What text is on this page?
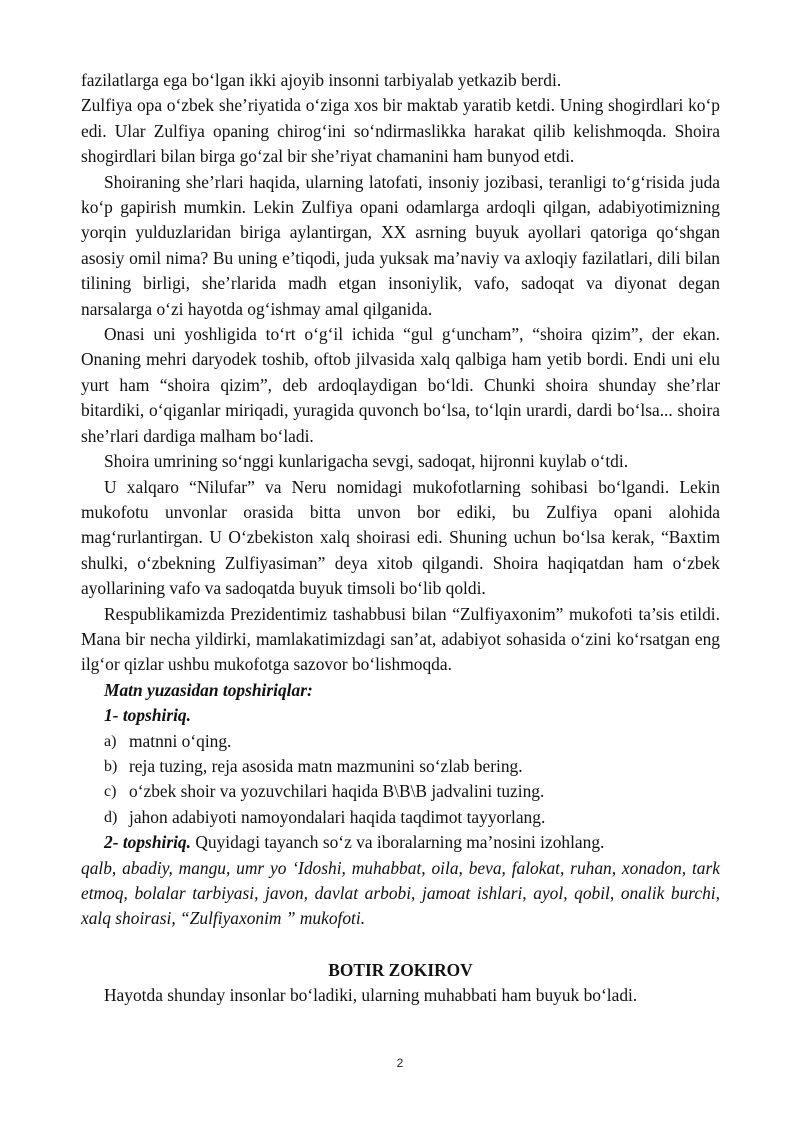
fazilatlarga ega bo‘lgan ikki ajoyib insonni tarbiyalab yetkazib berdi.

Zulfiya opa o‘zbek she’riyatida o‘ziga xos bir maktab yaratib ketdi. Uning shogirdlari ko‘p edi. Ular Zulfiya opaning chirog‘ini so‘ndirmaslikka harakat qilib kelishmoqda. Shoira shogirdlari bilan birga go‘zal bir she’riyat chamanini ham bunyod etdi.

Shoiraning she’rlari haqida, ularning latofati, insoniy jozibasi, teranligi to‘g‘risida juda ko‘p gapirish mumkin. Lekin Zulfiya opani odamlarga ardoqli qilgan, adabiyotimizning yorqin yulduzlaridan biriga aylantirgan, XX asrning buyuk ayollari qatoriga qo‘shgan asosiy omil nima? Bu uning e’tiqodi, juda yuksak ma’naviy va axloqiy fazilatlari, dili bilan tilining birligi, she’rlarida madh etgan insoniylik, vafo, sadoqat va diyonat degan narsalarga o‘zi hayotda og‘ishmay amal qilganida.

Onasi uni yoshligida to‘rt o‘g‘il ichida “gul g‘uncham”, “shoira qizim”, der ekan. Onaning mehri daryodek toshib, oftob jilvasida xalq qalbiga ham yetib bordi. Endi uni elu yurt ham “shoira qizim”, deb ardoqlaydigan bo‘ldi. Chunki shoira shunday she’rlar bitardiki, o‘qiganlar miriqadi, yuragida quvonch bo‘lsa, to‘lqin urardi, dardi bo‘lsa... shoira she’rlari dardiga malham bo‘ladi.

Shoira umrining so‘nggi kunlarigacha sevgi, sadoqat, hijronni kuylab o‘tdi.

U xalqaro “Nilufar” va Neru nomidagi mukofotlarning sohibasi bo‘lgandi. Lekin mukofotu unvonlar orasida bitta unvon bor ediki, bu Zulfiya opani alohida mag‘rurlantirgan. U O‘zbekiston xalq shoirasi edi. Shuning uchun bo‘lsa kerak, “Baxtim shulki, o‘zbekning Zulfiyasiman” deya xitob qilgandi. Shoira haqiqatdan ham o‘zbek ayollarining vafo va sadoqatda buyuk timsoli bo‘lib qoldi.

Respublikamizda Prezidentimiz tashabbusi bilan “Zulfiyaxonim” mukofoti ta’sis etildi. Mana bir necha yildirki, mamlakatimizdagi san’at, adabiyot sohasida o‘zini ko‘rsatgan eng ilg‘or qizlar ushbu mukofotga sazovor bo‘lishmoqda.

Matn yuzasidan topshiriqlar:

1- topshiriq.

a) matnni o‘qing.
b) reja tuzing, reja asosida matn mazmunini so‘zlab bering.
c) o‘zbek shoir va yozuvchilari haqida B\B\B jadvalini tuzing.
d) jahon adabiyoti namoyondalari haqida taqdimot tayyorlang.

2- topshiriq. Quyidagi tayanch so‘z va iboralarning ma’nosini izohlang.

qalb, abadiy, mangu, umr yo ‘Idoshi, muhabbat, oila, beva, falokat, ruhan, xonadon, tark etmoq, bolalar tarbiyasi, javon, davlat arbobi, jamoat ishlari, ayol, qobil, onalik burchi, xalq shoirasi, “Zulfiyaxonim ” mukofoti.

BOTIR ZOKIROV

Hayotda shunday insonlar bo‘ladiki, ularning muhabbati ham buyuk bo‘ladi.

2
